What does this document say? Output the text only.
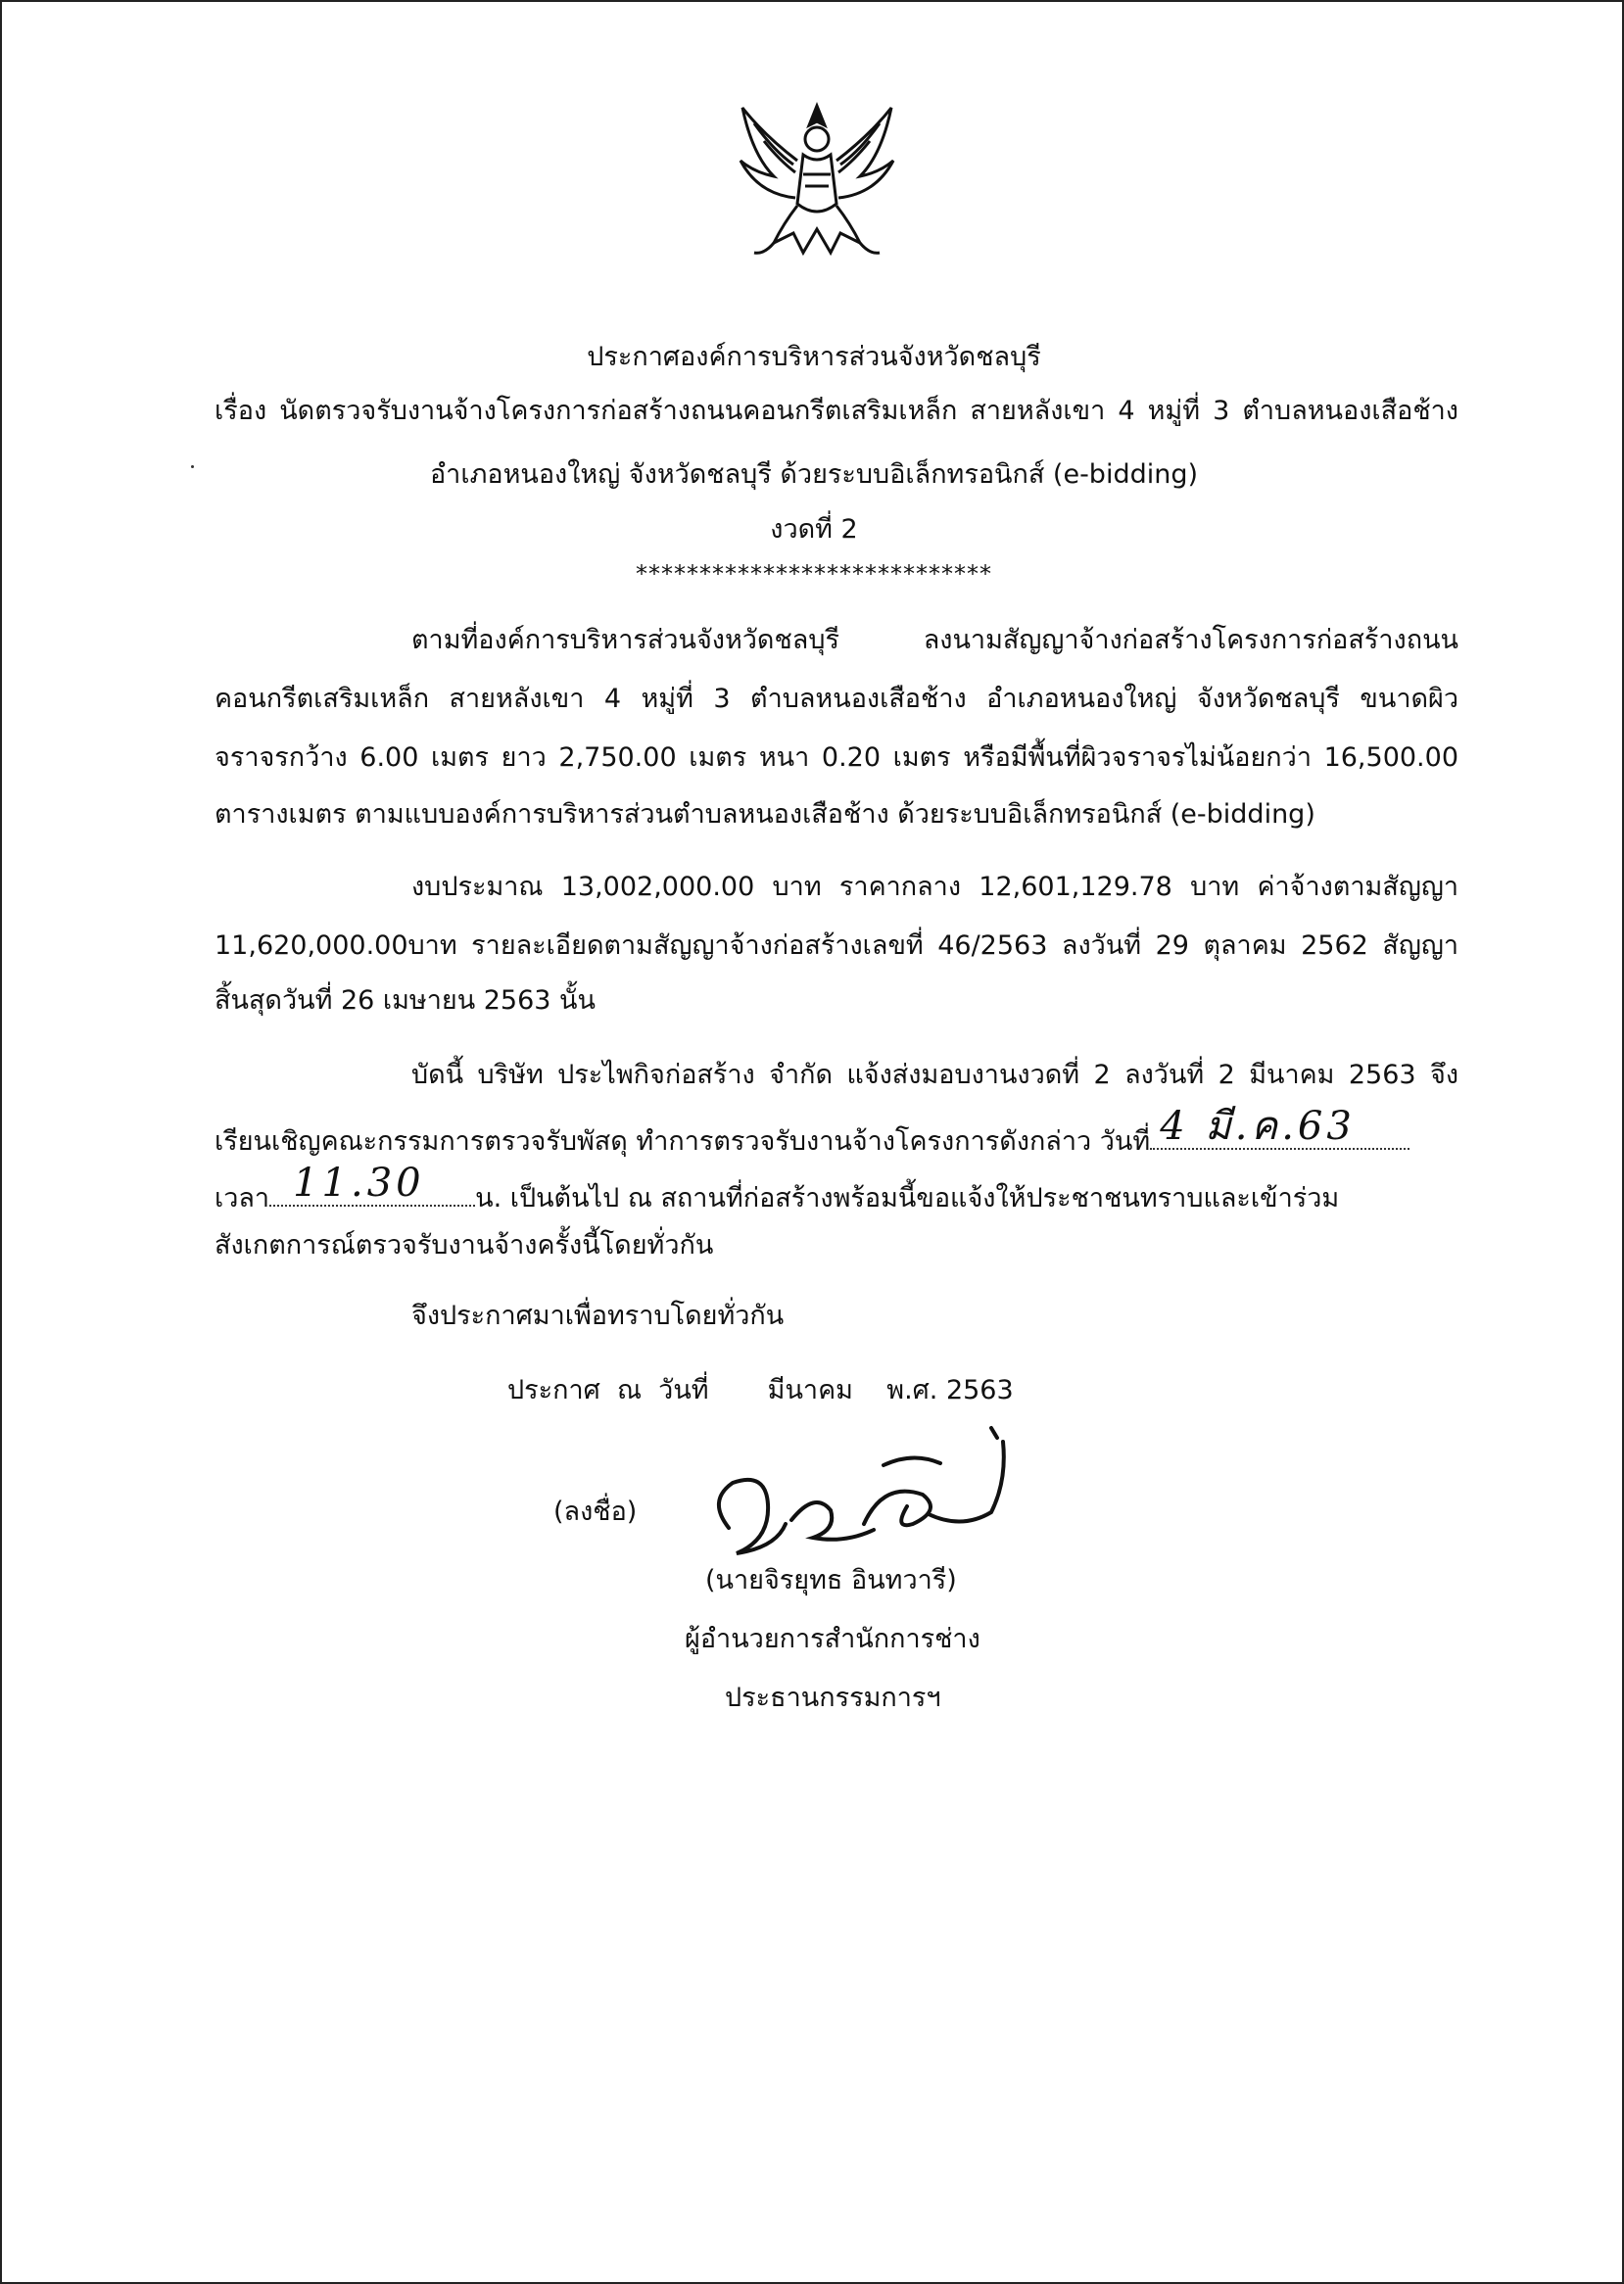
ประกาศองค์การบริหารส่วนจังหวัดชลบุรี
เรื่อง นัดตรวจรับงานจ้างโครงการก่อสร้างถนนคอนกรีตเสริมเหล็ก สายหลังเขา 4 หมู่ที่ 3 ตำบลหนองเสือช้าง
อำเภอหนองใหญ่ จังหวัดชลบุรี ด้วยระบบอิเล็กทรอนิกส์ (e-bidding)
งวดที่ 2
****************************
ตามที่องค์การบริหารส่วนจังหวัดชลบุรี ลงนามสัญญาจ้างก่อสร้างโครงการก่อสร้างถนน
คอนกรีตเสริมเหล็ก สายหลังเขา 4 หมู่ที่ 3 ตำบลหนองเสือช้าง อำเภอหนองใหญ่ จังหวัดชลบุรี ขนาดผิว
จราจรกว้าง 6.00 เมตร ยาว 2,750.00 เมตร หนา 0.20 เมตร หรือมีพื้นที่ผิวจราจรไม่น้อยกว่า 16,500.00
ตารางเมตร ตามแบบองค์การบริหารส่วนตำบลหนองเสือช้าง ด้วยระบบอิเล็กทรอนิกส์ (e-bidding)
งบประมาณ 13,002,000.00 บาท ราคากลาง 12,601,129.78 บาท ค่าจ้างตามสัญญา
11,620,000.00บาท รายละเอียดตามสัญญาจ้างก่อสร้างเลขที่ 46/2563 ลงวันที่ 29 ตุลาคม 2562 สัญญา
สิ้นสุดวันที่ 26 เมษายน 2563 นั้น
บัดนี้ บริษัท ประไพกิจก่อสร้าง จำกัด แจ้งส่งมอบงานงวดที่ 2 ลงวันที่ 2 มีนาคม 2563 จึง
เรียนเชิญคณะกรรมการตรวจรับพัสดุ ทำการตรวจรับงานจ้างโครงการดังกล่าว วันที่ 4 มี.ค.63
เวลา 11.30 น. เป็นต้นไป ณ สถานที่ก่อสร้างพร้อมนี้ขอแจ้งให้ประชาชนทราบและเข้าร่วม
สังเกตการณ์ตรวจรับงานจ้างครั้งนี้โดยทั่วกัน
จึงประกาศมาเพื่อทราบโดยทั่วกัน
ประกาศ  ณ  วันที่       มีนาคม    พ.ศ. 2563
(ลงชื่อ)
(นายจิรยุทธ อินทวารี)
ผู้อำนวยการสำนักการช่าง
ประธานกรรมการฯ
